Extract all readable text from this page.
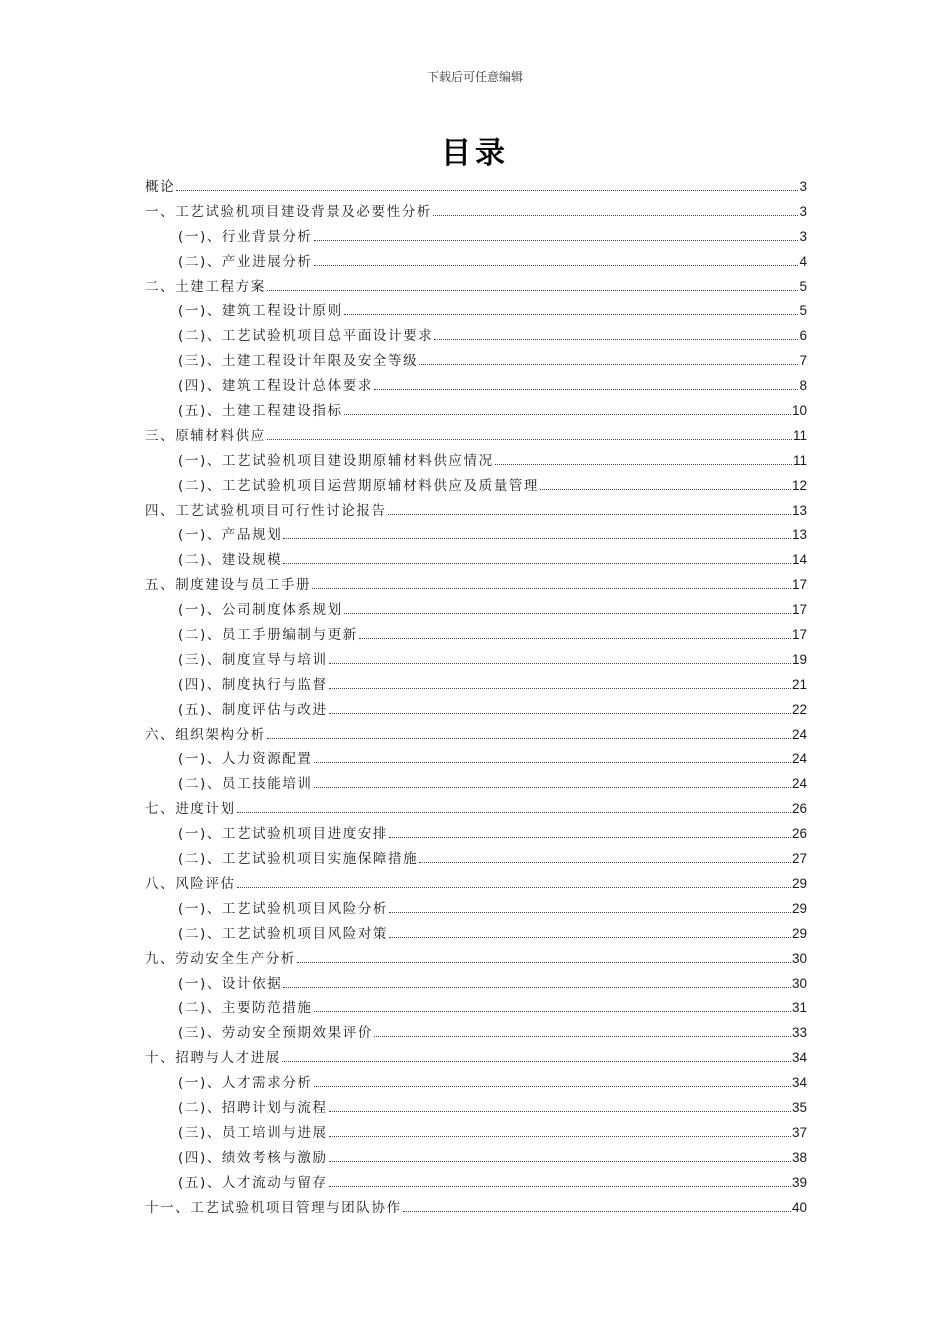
下载后可任意编辑
目录
概论	3
一、工艺试验机项目建设背景及必要性分析	3
(一)、行业背景分析	3
(二)、产业进展分析	4
二、土建工程方案	5
(一)、建筑工程设计原则	5
(二)、工艺试验机项目总平面设计要求	6
(三)、土建工程设计年限及安全等级	7
(四)、建筑工程设计总体要求	8
(五)、土建工程建设指标	10
三、原辅材料供应	11
(一)、工艺试验机项目建设期原辅材料供应情况	11
(二)、工艺试验机项目运营期原辅材料供应及质量管理	12
四、工艺试验机项目可行性讨论报告	13
(一)、产品规划	13
(二)、建设规模	14
五、制度建设与员工手册	17
(一)、公司制度体系规划	17
(二)、员工手册编制与更新	17
(三)、制度宣导与培训	19
(四)、制度执行与监督	21
(五)、制度评估与改进	22
六、组织架构分析	24
(一)、人力资源配置	24
(二)、员工技能培训	24
七、进度计划	26
(一)、工艺试验机项目进度安排	26
(二)、工艺试验机项目实施保障措施	27
八、风险评估	29
(一)、工艺试验机项目风险分析	29
(二)、工艺试验机项目风险对策	29
九、劳动安全生产分析	30
(一)、设计依据	30
(二)、主要防范措施	31
(三)、劳动安全预期效果评价	33
十、招聘与人才进展	34
(一)、人才需求分析	34
(二)、招聘计划与流程	35
(三)、员工培训与进展	37
(四)、绩效考核与激励	38
(五)、人才流动与留存	39
十一、工艺试验机项目管理与团队协作	40
